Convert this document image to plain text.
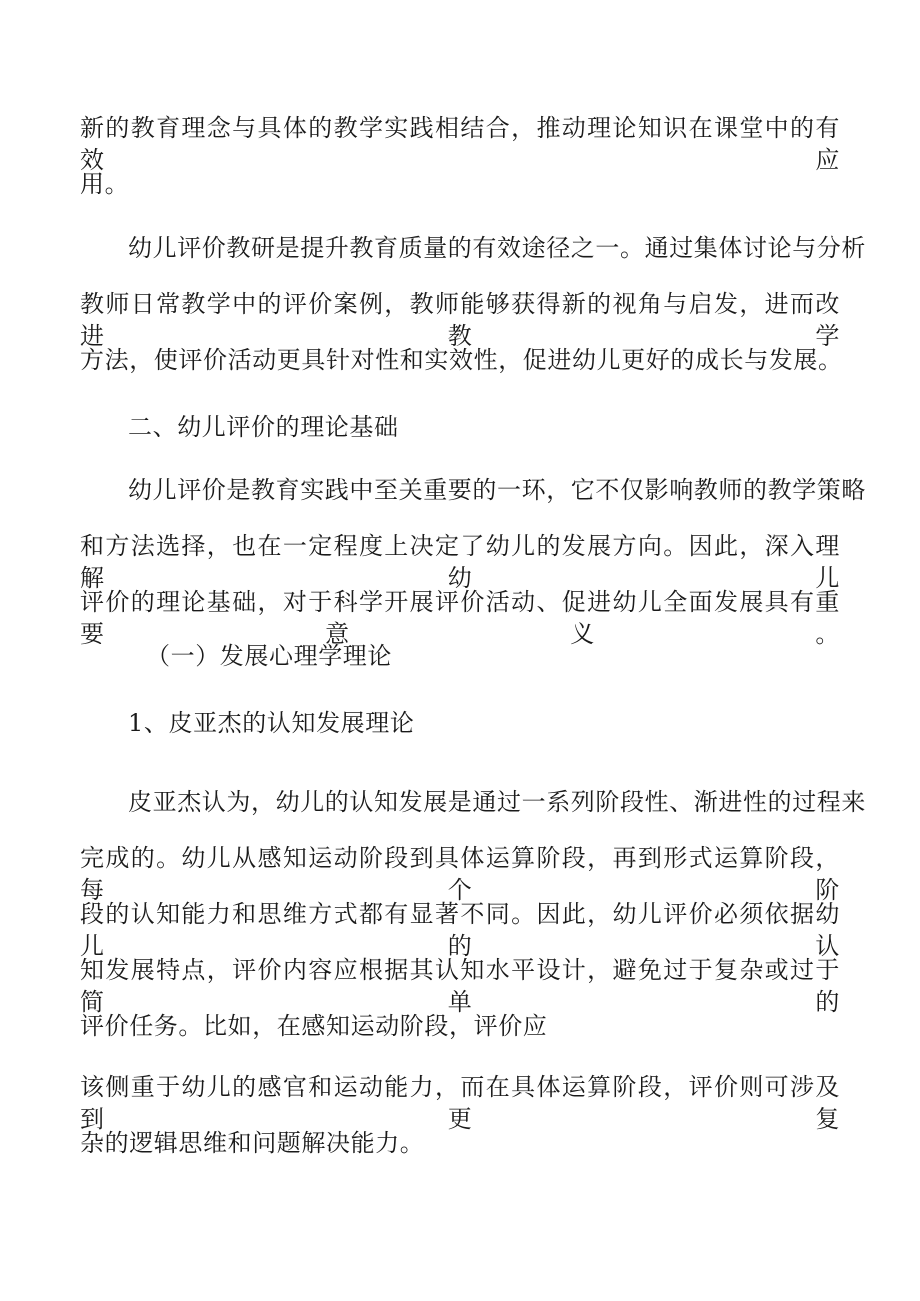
新的教育理念与具体的教学实践相结合，推动理论知识在课堂中的有效应

用。

幼儿评价教研是提升教育质量的有效途径之一。通过集体讨论与分析

教师日常教学中的评价案例，教师能够获得新的视角与启发，进而改进教学

方法，使评价活动更具针对性和实效性，促进幼儿更好的成长与发展。

二、幼儿评价的理论基础

幼儿评价是教育实践中至关重要的一环，它不仅影响教师的教学策略

和方法选择，也在一定程度上决定了幼儿的发展方向。因此，深入理解幼儿

评价的理论基础，对于科学开展评价活动、促进幼儿全面发展具有重要意义。

（一）发展心理学理论

1、皮亚杰的认知发展理论

皮亚杰认为，幼儿的认知发展是通过一系列阶段性、渐进性的过程来

完成的。幼儿从感知运动阶段到具体运算阶段，再到形式运算阶段，每个阶

段的认知能力和思维方式都有显著不同。因此，幼儿评价必须依据幼儿的认

知发展特点，评价内容应根据其认知水平设计，避免过于复杂或过于简单的

评价任务。比如，在感知运动阶段，评价应

该侧重于幼儿的感官和运动能力，而在具体运算阶段，评价则可涉及到更复

杂的逻辑思维和问题解决能力。
